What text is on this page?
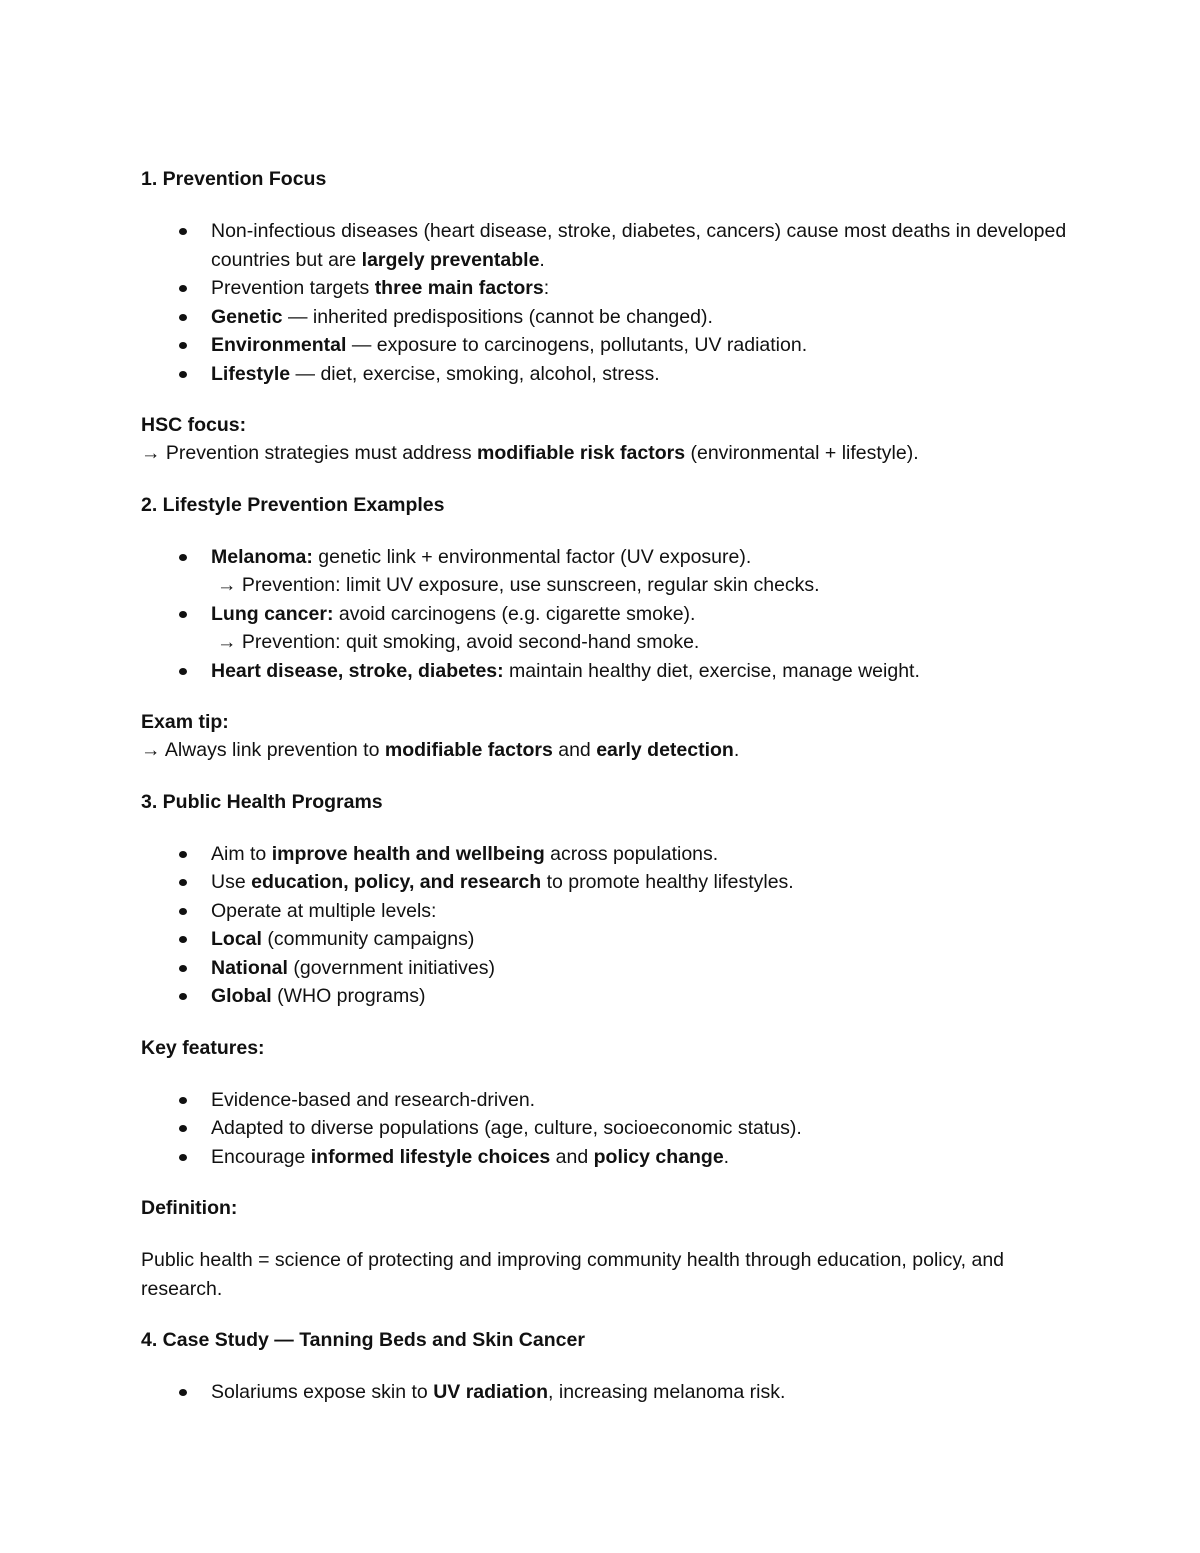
1. Prevention Focus

Non-infectious diseases (heart disease, stroke, diabetes, cancers) cause most deaths in developed countries but are largely preventable.
Prevention targets three main factors:
Genetic — inherited predispositions (cannot be changed).
Environmental — exposure to carcinogens, pollutants, UV radiation.
Lifestyle — diet, exercise, smoking, alcohol, stress.

HSC focus:

→ Prevention strategies must address modifiable risk factors (environmental + lifestyle).

2. Lifestyle Prevention Examples

Melanoma: genetic link + environmental factor (UV exposure).
→ Prevention: limit UV exposure, use sunscreen, regular skin checks.
Lung cancer: avoid carcinogens (e.g. cigarette smoke).
→ Prevention: quit smoking, avoid second-hand smoke.
Heart disease, stroke, diabetes: maintain healthy diet, exercise, manage weight.

Exam tip:

→ Always link prevention to modifiable factors and early detection.

3. Public Health Programs

Aim to improve health and wellbeing across populations.
Use education, policy, and research to promote healthy lifestyles.
Operate at multiple levels:
Local (community campaigns)
National (government initiatives)
Global (WHO programs)

Key features:

Evidence-based and research-driven.
Adapted to diverse populations (age, culture, socioeconomic status).
Encourage informed lifestyle choices and policy change.

Definition:

Public health = science of protecting and improving community health through education, policy, and research.

4. Case Study — Tanning Beds and Skin Cancer

Solariums expose skin to UV radiation, increasing melanoma risk.
